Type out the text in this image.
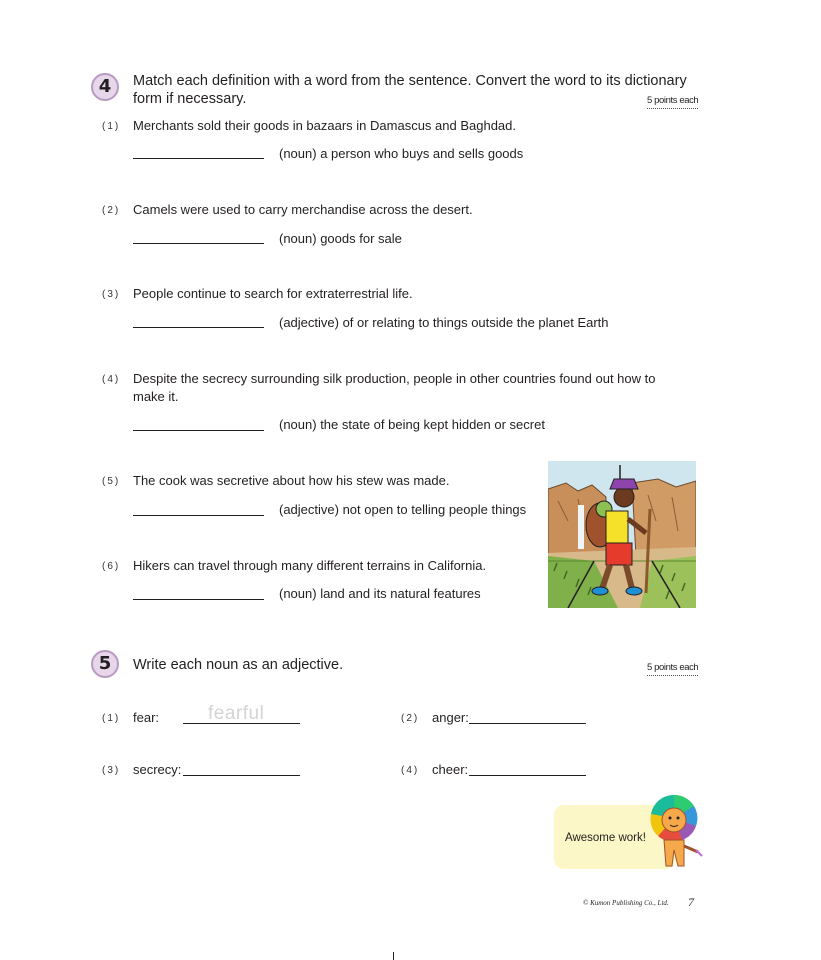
4	Match each definition with a word from the sentence. Convert the word to its dictionary
form if necessary.	5 points each
(1) Merchants sold their goods in bazaars in Damascus and Baghdad.
(noun) a person who buys and sells goods
(2) Camels were used to carry merchandise across the desert.
(noun) goods for sale
(3) People continue to search for extraterrestrial life.
(adjective) of or relating to things outside the planet Earth
(4) Despite the secrecy surrounding silk production, people in other countries found out how to
make it.
(noun) the state of being kept hidden or secret
(5) The cook was secretive about how his stew was made.
(adjective) not open to telling people things
(6) Hikers can travel through many different terrains in California.
(noun) land and its natural features
5	Write each noun as an adjective.	5 points each
(1) fear:	fearful	(2) anger:
(3) secrecy:	(4) cheer:
Awesome work!
© Kumon Publishing Co., Ltd. 7
